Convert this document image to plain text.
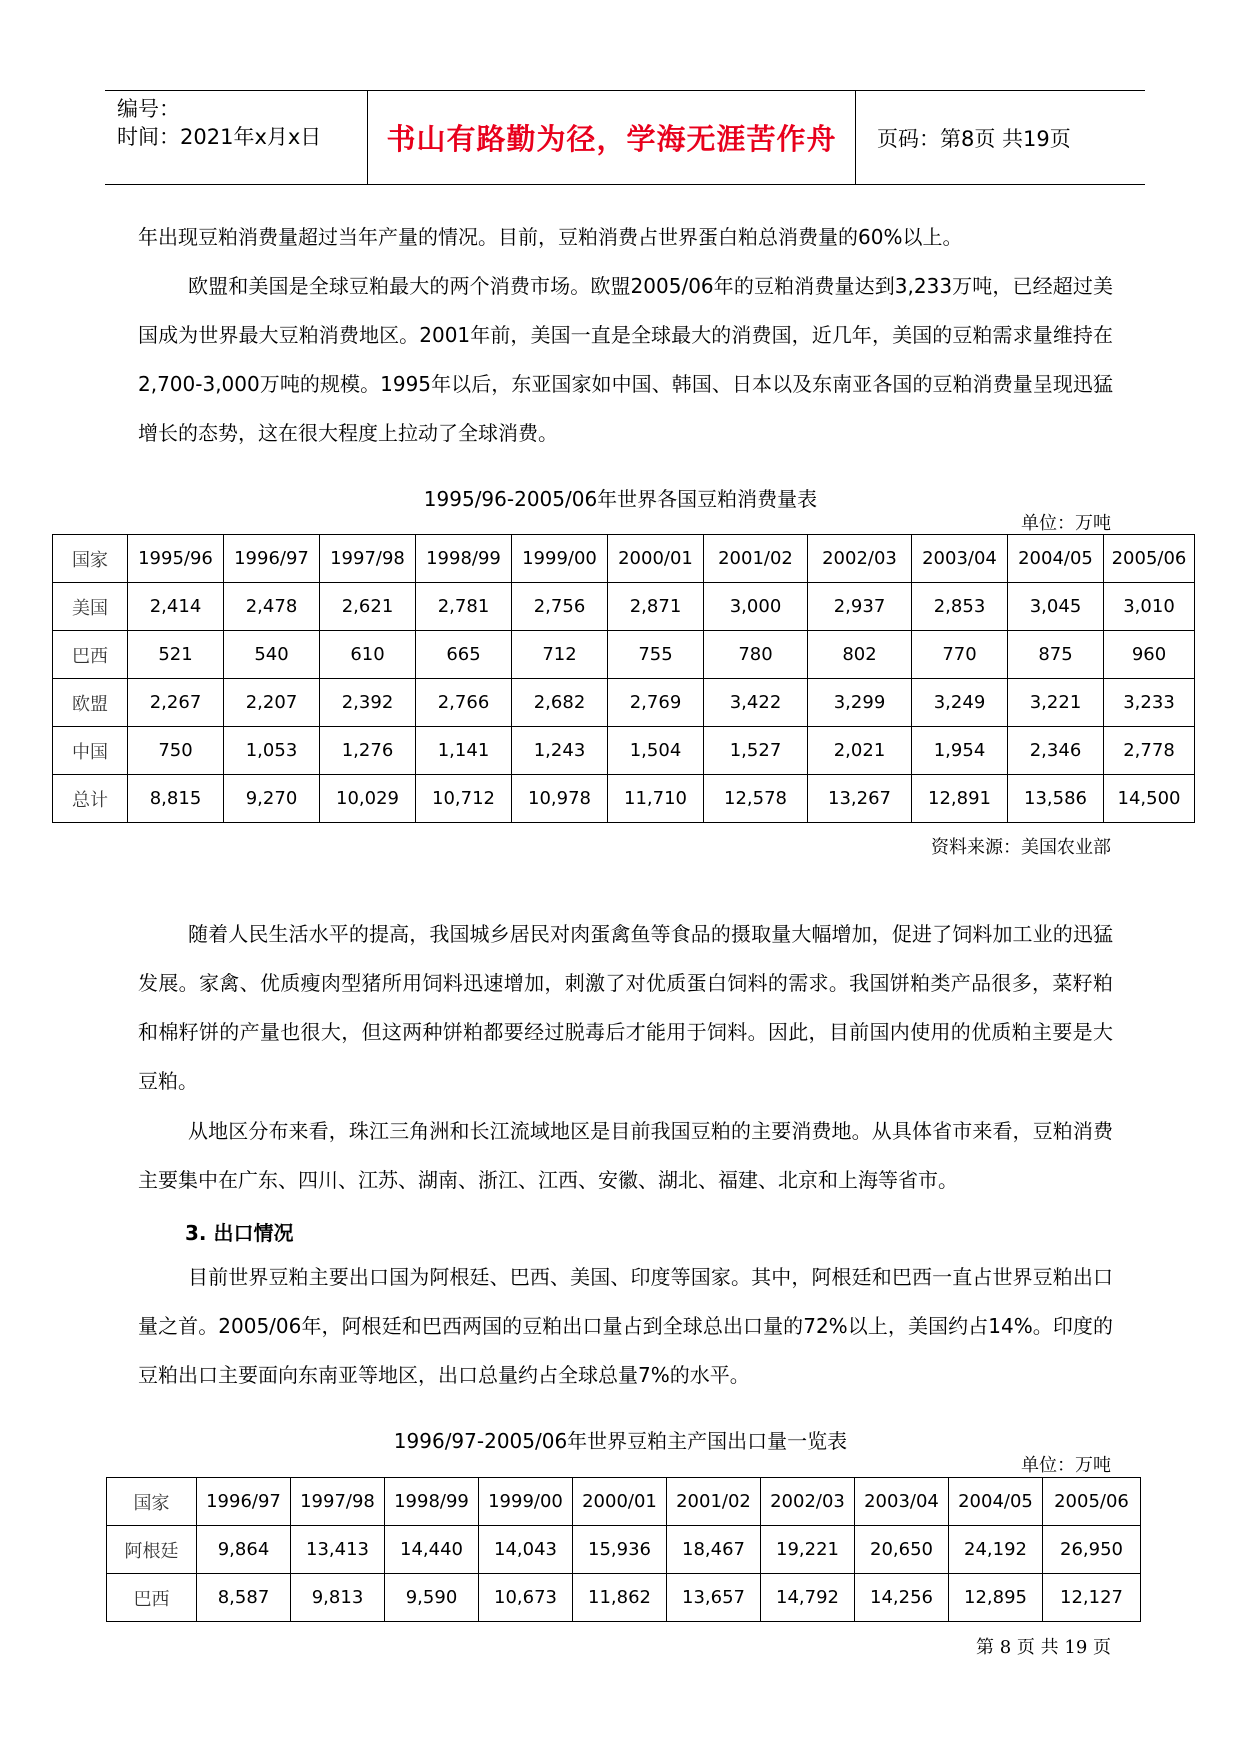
编号：
时间：2021年x月x日 书山有路勤为径，学海无涯苦作舟 页码：第8页 共19页
年出现豆粕消费量超过当年产量的情况。目前，豆粕消费占世界蛋白粕总消费量的60%以上。
欧盟和美国是全球豆粕最大的两个消费市场。欧盟2005/06年的豆粕消费量达到3,233万吨，已经超过美国成为世界最大豆粕消费地区。2001年前，美国一直是全球最大的消费国，近几年，美国的豆粕需求量维持在2,700-3,000万吨的规模。1995年以后，东亚国家如中国、韩国、日本以及东南亚各国的豆粕消费量呈现迅猛增长的态势，这在很大程度上拉动了全球消费。
1995/96-2005/06年世界各国豆粕消费量表
单位：万吨
国家	1995/96	1996/97	1997/98	1998/99	1999/00	2000/01	2001/02	2002/03	2003/04	2004/05	2005/06
美国	2,414	2,478	2,621	2,781	2,756	2,871	3,000	2,937	2,853	3,045	3,010
巴西	521	540	610	665	712	755	780	802	770	875	960
欧盟	2,267	2,207	2,392	2,766	2,682	2,769	3,422	3,299	3,249	3,221	3,233
中国	750	1,053	1,276	1,141	1,243	1,504	1,527	2,021	1,954	2,346	2,778
总计	8,815	9,270	10,029	10,712	10,978	11,710	12,578	13,267	12,891	13,586	14,500
资料来源：美国农业部
随着人民生活水平的提高，我国城乡居民对肉蛋禽鱼等食品的摄取量大幅增加，促进了饲料加工业的迅猛发展。家禽、优质瘦肉型猪所用饲料迅速增加，刺激了对优质蛋白饲料的需求。我国饼粕类产品很多，菜籽粕和棉籽饼的产量也很大，但这两种饼粕都要经过脱毒后才能用于饲料。因此，目前国内使用的优质粕主要是大豆粕。
从地区分布来看，珠江三角洲和长江流域地区是目前我国豆粕的主要消费地。从具体省市来看，豆粕消费主要集中在广东、四川、江苏、湖南、浙江、江西、安徽、湖北、福建、北京和上海等省市。
3. 出口情况
目前世界豆粕主要出口国为阿根廷、巴西、美国、印度等国家。其中，阿根廷和巴西一直占世界豆粕出口量之首。2005/06年，阿根廷和巴西两国的豆粕出口量占到全球总出口量的72%以上，美国约占14%。印度的豆粕出口主要面向东南亚等地区，出口总量约占全球总量7%的水平。
1996/97-2005/06年世界豆粕主产国出口量一览表
单位：万吨
国家	1996/97	1997/98	1998/99	1999/00	2000/01	2001/02	2002/03	2003/04	2004/05	2005/06
阿根廷	9,864	13,413	14,440	14,043	15,936	18,467	19,221	20,650	24,192	26,950
巴西	8,587	9,813	9,590	10,673	11,862	13,657	14,792	14,256	12,895	12,127
第 8 页 共 19 页
